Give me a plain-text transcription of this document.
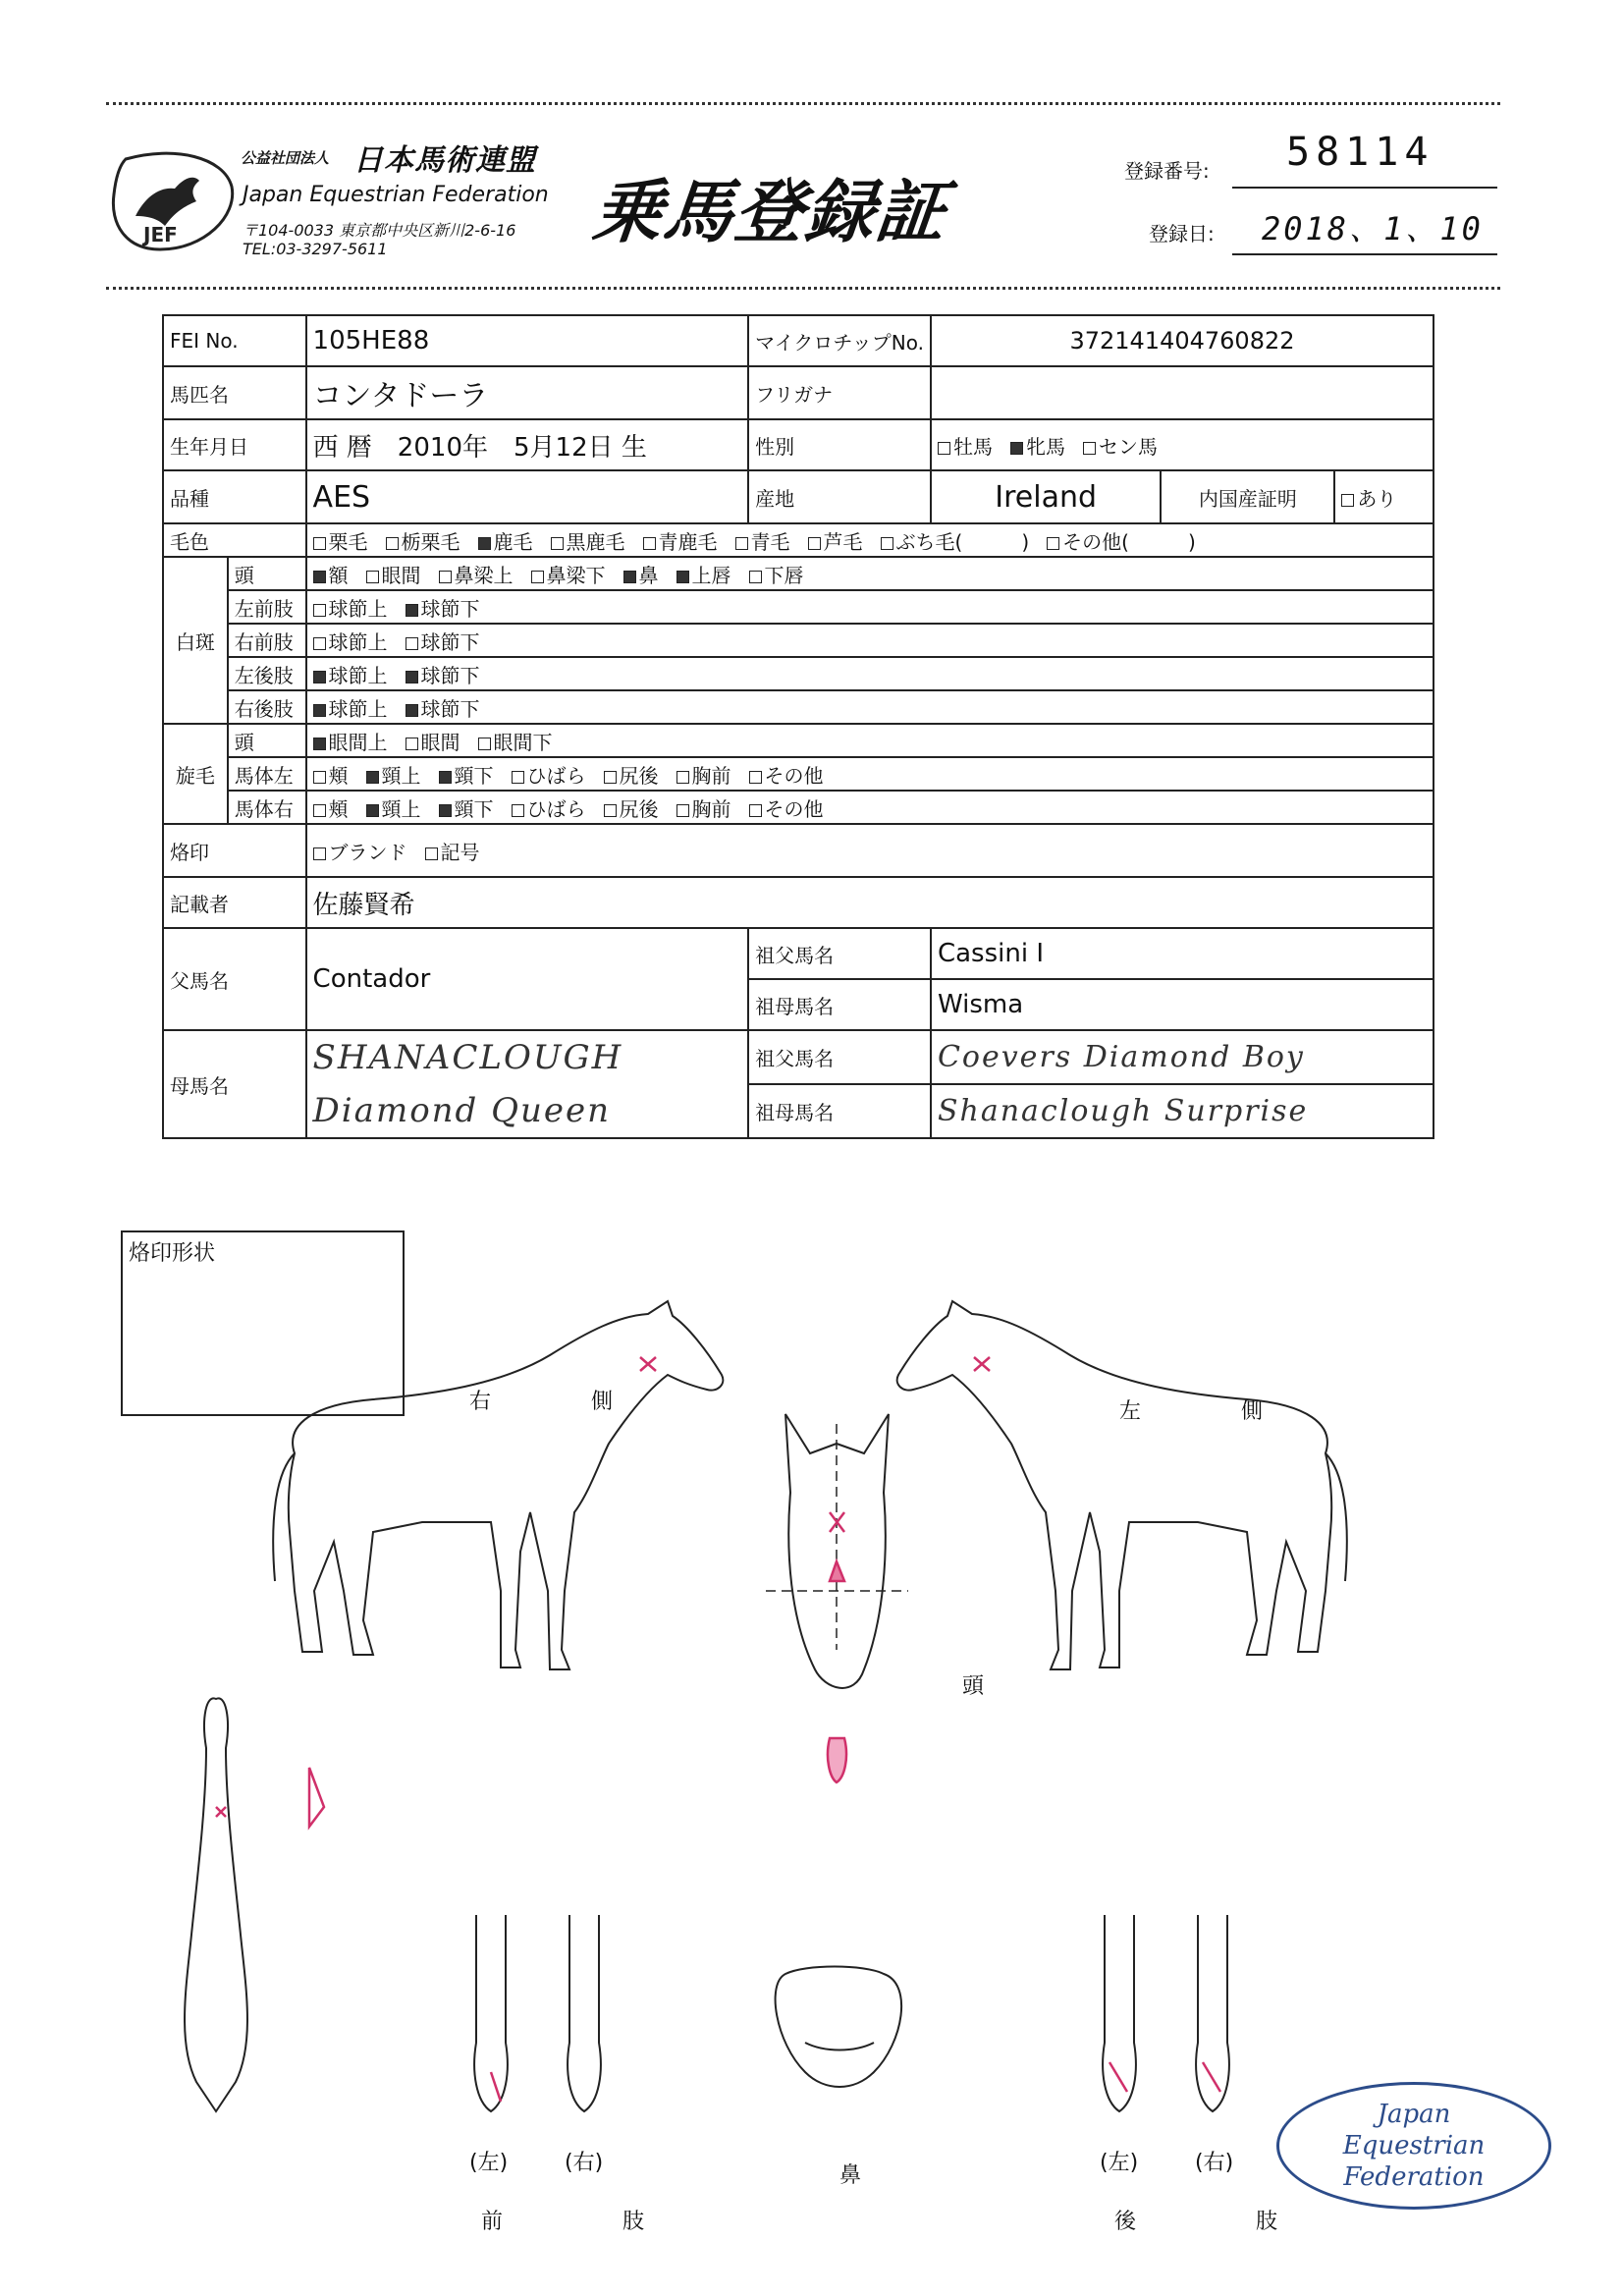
JEF
公益社団法人 日本馬術連盟
Japan Equestrian Federation
〒104-0033 東京都中央区新川2-6-16
TEL:03-3297-5611	乗馬登録証
登録番号: 58114
登録日: 2018、1、10
FEI No.		105HE88	マイクロチップNo.	372141404760822		
馬匹名		コンタドーラ	フリガナ			
生年月日		西 暦　2010年　5月12日 生	性別	牡馬 牝馬 セン馬		
品種		AES	産地	Ireland	内国産証明	あり
毛色		栗毛 栃栗毛 鹿毛 黒鹿毛 青鹿毛 青毛 芦毛 ぶち毛(　　　) その他(　　　)				
白斑	頭	額 眼間 鼻梁上 鼻梁下 鼻 上唇 下唇				
	左前肢	球節上 球節下				
	右前肢	球節上 球節下				
	左後肢	球節上 球節下				
	右後肢	球節上 球節下				
旋毛	頭	眼間上 眼間 眼間下				
	馬体左	頬 頸上 頸下 ひばら 尻後 胸前 その他				
	馬体右	頬 頸上 頸下 ひばら 尻後 胸前 その他				
烙印		ブランド 記号				
記載者		佐藤賢希				
父馬名		Contador	祖父馬名	Cassini I		
			祖母馬名	Wisma		
母馬名		SHANACLOUGH
Diamond Queen	祖父馬名	Coevers Diamond Boy		
			祖母馬名	Shanaclough Surprise		
烙印形状
右　側	左　側
頭
鼻
(左)	(右)
前　肢
(左)	(右)
後　肢
Japan
Equestrian
Federation
